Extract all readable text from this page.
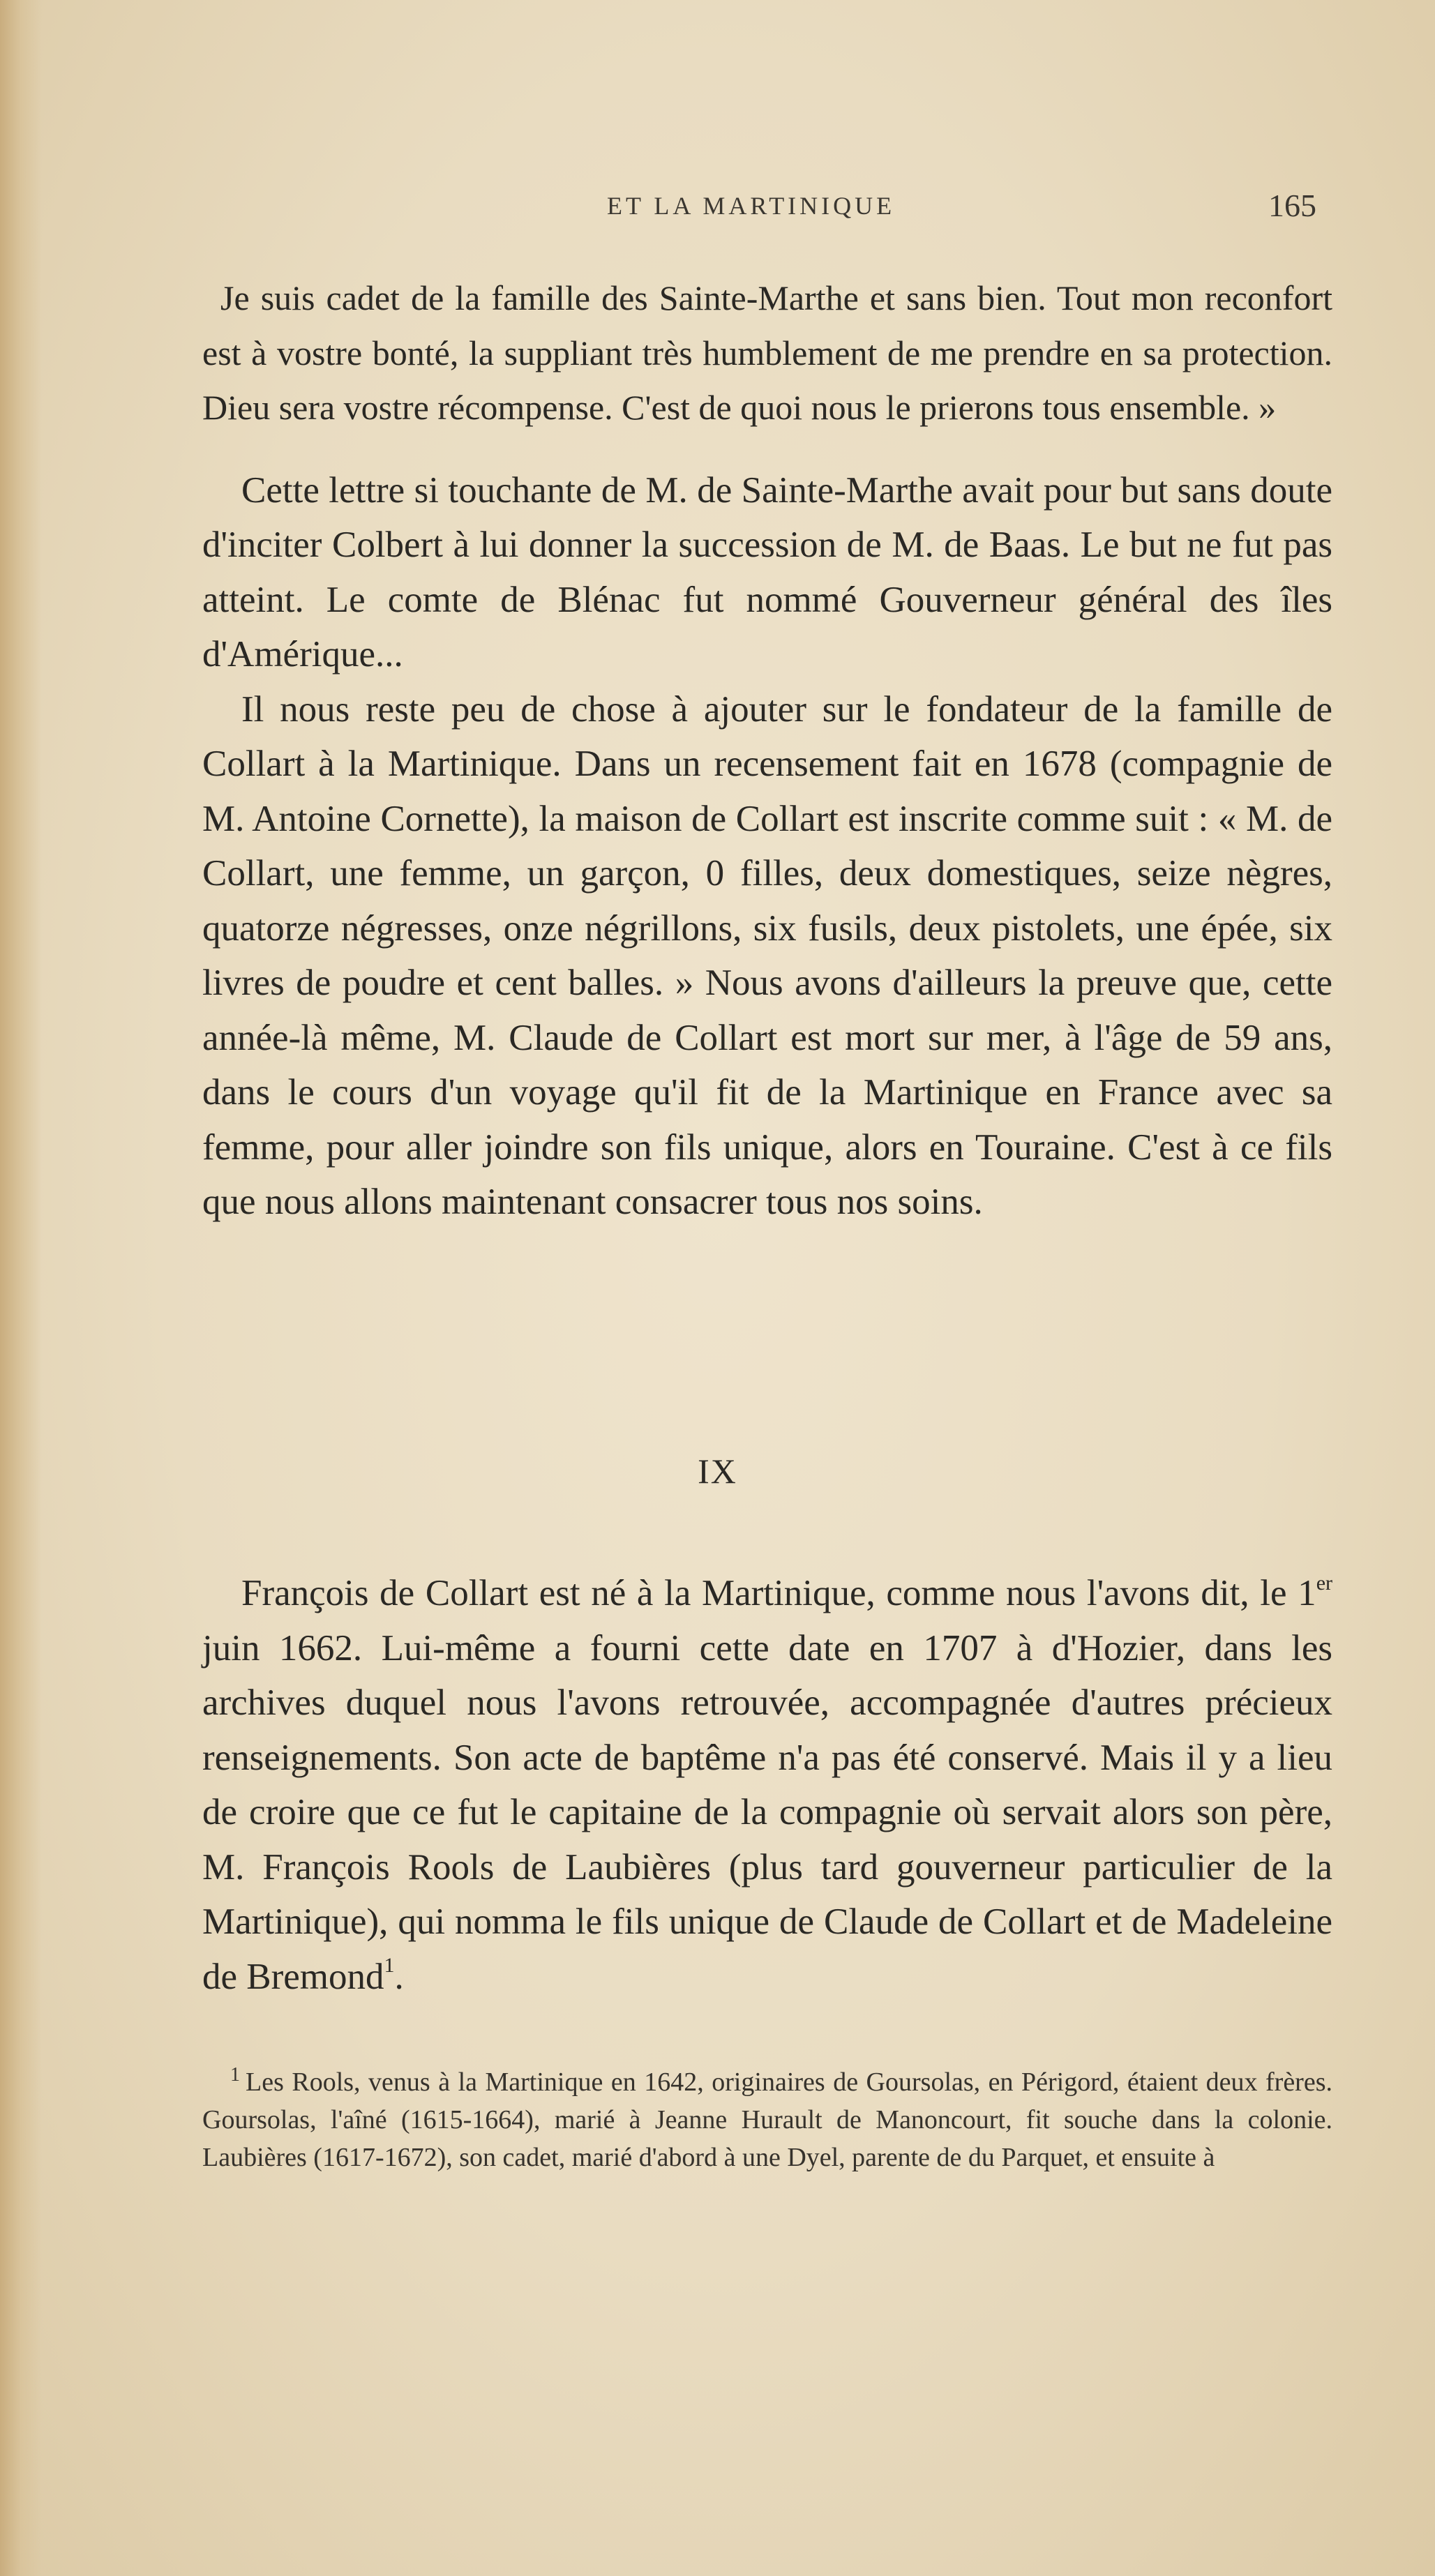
ET LA MARTINIQUE	165

Je suis cadet de la famille des Sainte-Marthe et sans bien. Tout mon reconfort est à vostre bonté, la suppliant très humblement de me prendre en sa protection. Dieu sera vostre récompense. C'est de quoi nous le prierons tous ensemble. »

Cette lettre si touchante de M. de Sainte-Marthe avait pour but sans doute d'inciter Colbert à lui donner la succession de M. de Baas. Le but ne fut pas atteint. Le comte de Blénac fut nommé Gouverneur général des îles d'Amérique...

Il nous reste peu de chose à ajouter sur le fondateur de la famille de Collart à la Martinique. Dans un recensement fait en 1678 (compagnie de M. Antoine Cornette), la maison de Collart est inscrite comme suit : « M. de Collart, une femme, un garçon, 0 filles, deux domestiques, seize nègres, quatorze négresses, onze négrillons, six fusils, deux pistolets, une épée, six livres de poudre et cent balles. » Nous avons d'ailleurs la preuve que, cette année-là même, M. Claude de Collart est mort sur mer, à l'âge de 59 ans, dans le cours d'un voyage qu'il fit de la Martinique en France avec sa femme, pour aller joindre son fils unique, alors en Touraine. C'est à ce fils que nous allons maintenant consacrer tous nos soins.

IX

François de Collart est né à la Martinique, comme nous l'avons dit, le 1er juin 1662. Lui-même a fourni cette date en 1707 à d'Hozier, dans les archives duquel nous l'avons retrouvée, accompagnée d'autres précieux renseignements. Son acte de baptême n'a pas été conservé. Mais il y a lieu de croire que ce fut le capitaine de la compagnie où servait alors son père, M. François Rools de Laubières (plus tard gouverneur particulier de la Martinique), qui nomma le fils unique de Claude de Collart et de Madeleine de Bremond$^1$.

$^1$ Les Rools, venus à la Martinique en 1642, originaires de Goursolas, en Périgord, étaient deux frères. Goursolas, l'aîné (1615-1664), marié à Jeanne Hurault de Manoncourt, fit souche dans la colonie. Laubières (1617-1672), son cadet, marié d'abord à une Dyel, parente de du Parquet, et ensuite à
